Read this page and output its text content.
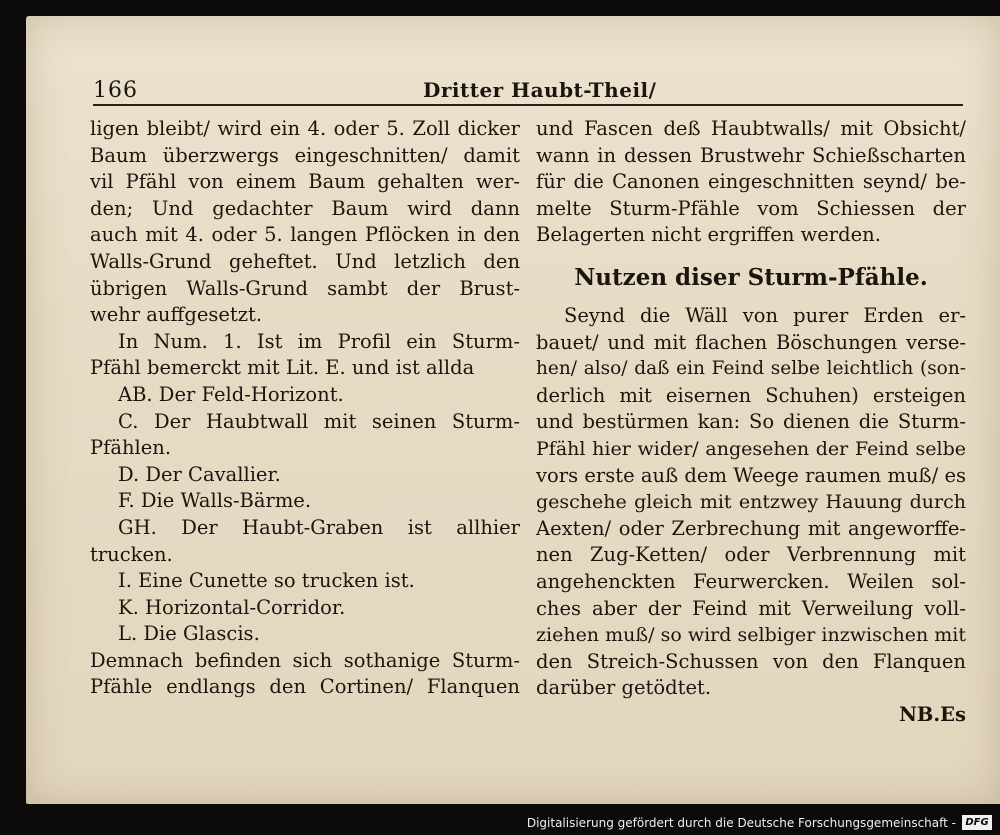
166	Dritter Haubt-Theil/
ligen bleibt/ wird ein 4. oder 5. Zoll dicker
Baum überzwergs eingeschnitten/ damit
vil Pfähl von einem Baum gehalten wer-
den; Und gedachter Baum wird dann
auch mit 4. oder 5. langen Pflöcken in den
Walls-Grund geheftet. Und letzlich den
übrigen Walls-Grund sambt der Brust-
wehr auffgesetzt.
In Num. 1. Ist im Profil ein Sturm-
Pfähl bemerckt mit Lit. E. und ist allda
AB. Der Feld-Horizont.
C. Der Haubtwall mit seinen Sturm-
Pfählen.
D. Der Cavallier.
F. Die Walls-Bärme.
GH. Der Haubt-Graben ist allhier
trucken.
I. Eine Cunette so trucken ist.
K. Horizontal-Corridor.
L. Die Glascis.
Demnach befinden sich sothanige Sturm-
Pfähle endlangs den Cortinen/ Flanquen
und Fascen deß Haubtwalls/ mit Obsicht/
wann in dessen Brustwehr Schießscharten
für die Canonen eingeschnitten seynd/ be-
melte Sturm-Pfähle vom Schiessen der
Belagerten nicht ergriffen werden.
Nutzen diser Sturm-Pfähle.
Seynd die Wäll von purer Erden er-
bauet/ und mit flachen Böschungen verse-
hen/ also/ daß ein Feind selbe leichtlich (son-
derlich mit eisernen Schuhen) ersteigen
und bestürmen kan: So dienen die Sturm-
Pfähl hier wider/ angesehen der Feind selbe
vors erste auß dem Weege raumen muß/ es
geschehe gleich mit entzwey Hauung durch
Aexten/ oder Zerbrechung mit angeworffe-
nen Zug-Ketten/ oder Verbrennung mit
angehenckten Feurwercken. Weilen sol-
ches aber der Feind mit Verweilung voll-
ziehen muß/ so wird selbiger inzwischen mit
den Streich-Schussen von den Flanquen
darüber getödtet.
NB.Es
Digitalisierung gefördert durch die Deutsche Forschungsgemeinschaft - DFG
